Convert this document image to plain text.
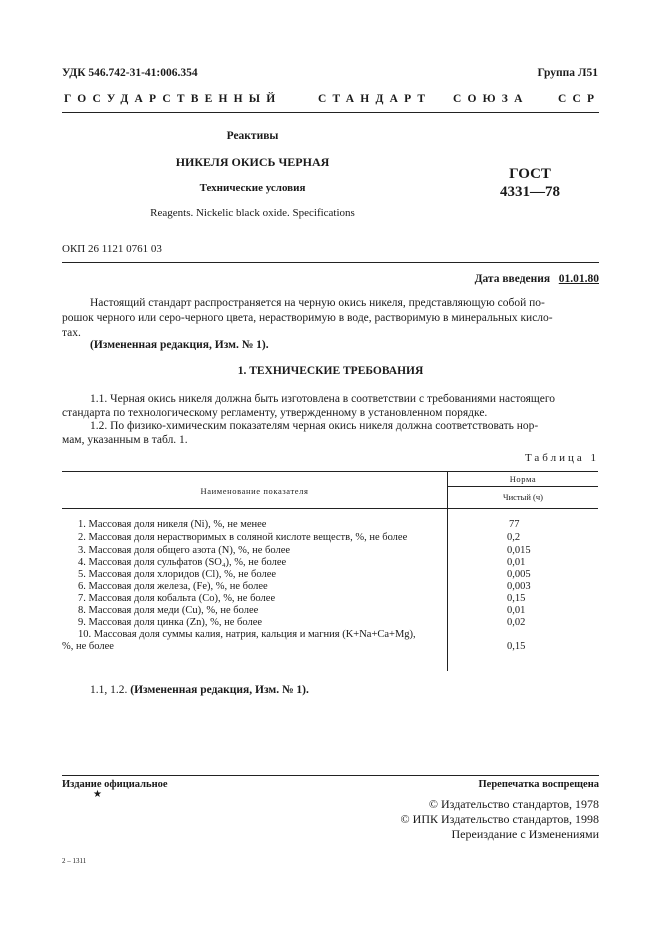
УДК 546.742-31-41:006.354	Группа Л51
ГОСУДАРСТВЕННЫЙ	СТАНДАРТ СОЮЗА	ССР
Реактивы
НИКЕЛЯ ОКИСЬ ЧЕРНАЯ
Технические условия
Reagents. Nickelic black oxide. Specifications
ГОСТ
4331—78
ОКП 26 1121 0761 03
Дата введения 01.01.80
Настоящий стандарт распространяется на черную окись никеля, представляющую собой по-
рошок черного или серо-черного цвета, нерастворимую в воде, растворимую в минеральных кисло-
тах.
(Измененная редакция, Изм. № 1).
1. ТЕХНИЧЕСКИЕ ТРЕБОВАНИЯ
1.1. Черная окись никеля должна быть изготовлена в соответствии с требованиями настоящего
стандарта по технологическому регламенту, утвержденному в установленном порядке.
1.2. По физико-химическим показателям черная окись никеля должна соответствовать нор-
мам, указанным в табл. 1.
Таблица 1
Наименование показателя
Норма
Чистый (ч)
1. Массовая доля никеля (Ni), %, не менее	77
2. Массовая доля нерастворимых в соляной кислоте веществ, %, не более	0,2
3. Массовая доля общего азота (N), %, не более	0,015
4. Массовая доля сульфатов (SO₄), %, не более	0,01
5. Массовая доля хлоридов (Cl), %, не более	0,005
6. Массовая доля железа, (Fe), %, не более	0,003
7. Массовая доля кобальта (Co), %, не более	0,15
8. Массовая доля меди (Cu), %, не более	0,01
9. Массовая доля цинка (Zn), %, не более	0,02
10. Массовая доля суммы калия, натрия, кальция и магния (K+Na+Ca+Mg),
%, не более	0,15
1.1, 1.2. (Измененная редакция, Изм. № 1).
Издание официальное
★
Перепечатка воспрещена
© Издательство стандартов, 1978
© ИПК Издательство стандартов, 1998
Переиздание с Изменениями
2 – 1311
